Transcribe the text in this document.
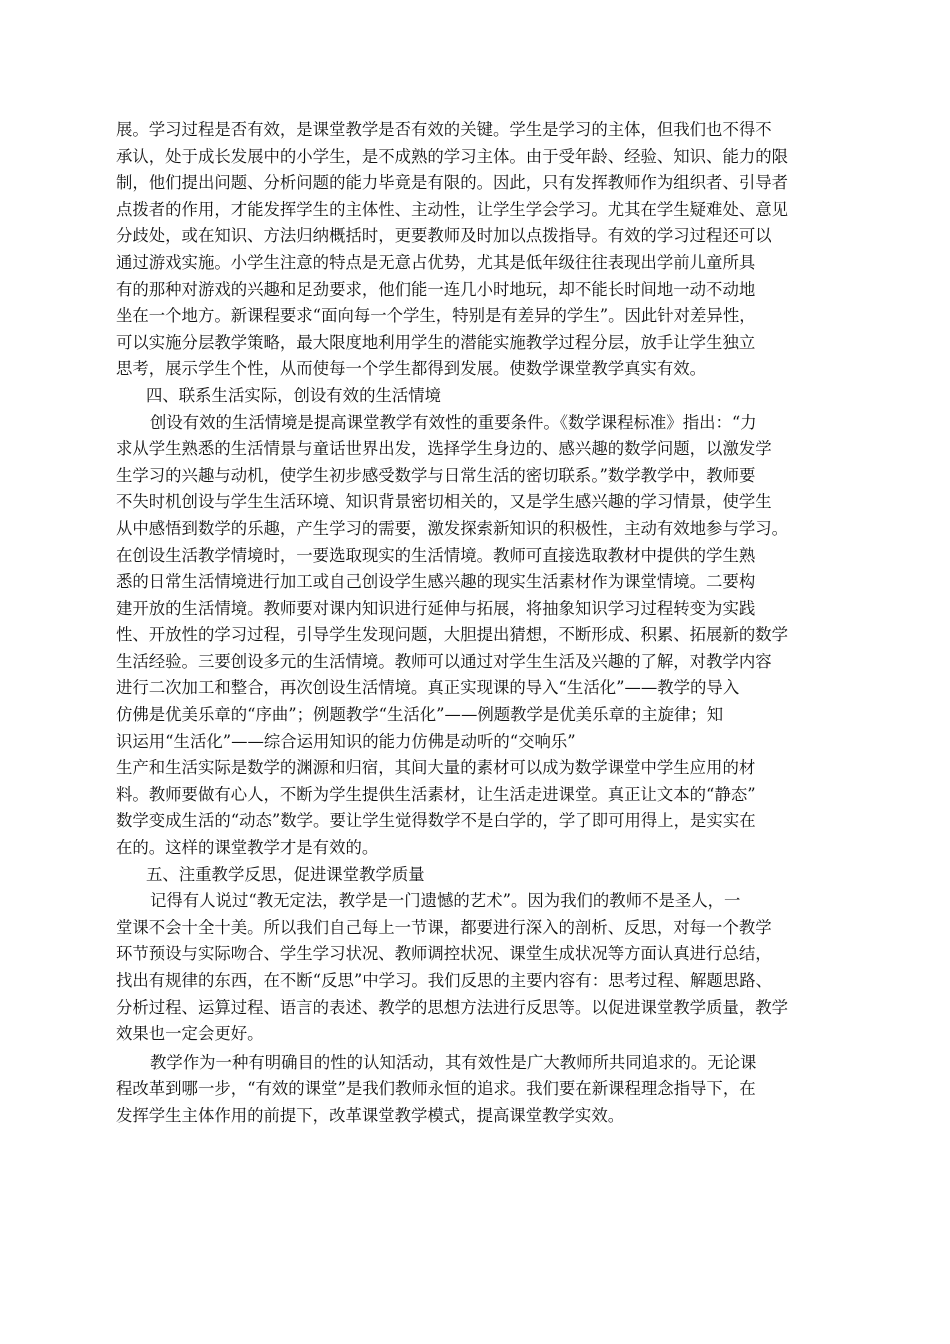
展。学习过程是否有效，是课堂教学是否有效的关键。学生是学习的主体，但我们也不得不
承认，处于成长发展中的小学生，是不成熟的学习主体。由于受年龄、经验、知识、能力的限
制，他们提出问题、分析问题的能力毕竟是有限的。因此，只有发挥教师作为组织者、引导者
点拨者的作用，才能发挥学生的主体性、主动性，让学生学会学习。尤其在学生疑难处、意见
分歧处，或在知识、方法归纳概括时，更要教师及时加以点拨指导。有效的学习过程还可以
通过游戏实施。小学生注意的特点是无意占优势，尤其是低年级往往表现出学前儿童所具
有的那种对游戏的兴趣和足劲要求，他们能一连几小时地玩，却不能长时间地一动不动地
坐在一个地方。新课程要求“面向每一个学生，特别是有差异的学生”。因此针对差异性，
可以实施分层教学策略，最大限度地利用学生的潜能实施教学过程分层，放手让学生独立
思考，展示学生个性，从而使每一个学生都得到发展。使数学课堂教学真实有效。
四、联系生活实际，创设有效的生活情境
创设有效的生活情境是提高课堂教学有效性的重要条件。《数学课程标准》指出：“力
求从学生熟悉的生活情景与童话世界出发，选择学生身边的、感兴趣的数学问题，以激发学
生学习的兴趣与动机，使学生初步感受数学与日常生活的密切联系。”数学教学中，教师要
不失时机创设与学生生活环境、知识背景密切相关的，又是学生感兴趣的学习情景，使学生
从中感悟到数学的乐趣，产生学习的需要，激发探索新知识的积极性，主动有效地参与学习。
在创设生活教学情境时，一要选取现实的生活情境。教师可直接选取教材中提供的学生熟
悉的日常生活情境进行加工或自己创设学生感兴趣的现实生活素材作为课堂情境。二要构
建开放的生活情境。教师要对课内知识进行延伸与拓展，将抽象知识学习过程转变为实践
性、开放性的学习过程，引导学生发现问题，大胆提出猜想，不断形成、积累、拓展新的数学
生活经验。三要创设多元的生活情境。教师可以通过对学生生活及兴趣的了解，对教学内容
进行二次加工和整合，再次创设生活情境。真正实现课的导入“生活化”——教学的导入
仿佛是优美乐章的“序曲”；例题教学“生活化”——例题教学是优美乐章的主旋律；知
识运用“生活化”——综合运用知识的能力仿佛是动听的“交响乐”
生产和生活实际是数学的渊源和归宿，其间大量的素材可以成为数学课堂中学生应用的材
料。教师要做有心人，不断为学生提供生活素材，让生活走进课堂。真正让文本的“静态”
数学变成生活的“动态”数学。要让学生觉得数学不是白学的，学了即可用得上，是实实在
在的。这样的课堂教学才是有效的。
五、注重教学反思，促进课堂教学质量
记得有人说过“教无定法，教学是一门遗憾的艺术”。因为我们的教师不是圣人，一
堂课不会十全十美。所以我们自己每上一节课，都要进行深入的剖析、反思，对每一个教学
环节预设与实际吻合、学生学习状况、教师调控状况、课堂生成状况等方面认真进行总结，
找出有规律的东西，在不断“反思”中学习。我们反思的主要内容有：思考过程、解题思路、
分析过程、运算过程、语言的表述、教学的思想方法进行反思等。以促进课堂教学质量，教学
效果也一定会更好。
教学作为一种有明确目的性的认知活动，其有效性是广大教师所共同追求的。无论课
程改革到哪一步，“有效的课堂”是我们教师永恒的追求。我们要在新课程理念指导下，在
发挥学生主体作用的前提下，改革课堂教学模式，提高课堂教学实效。
